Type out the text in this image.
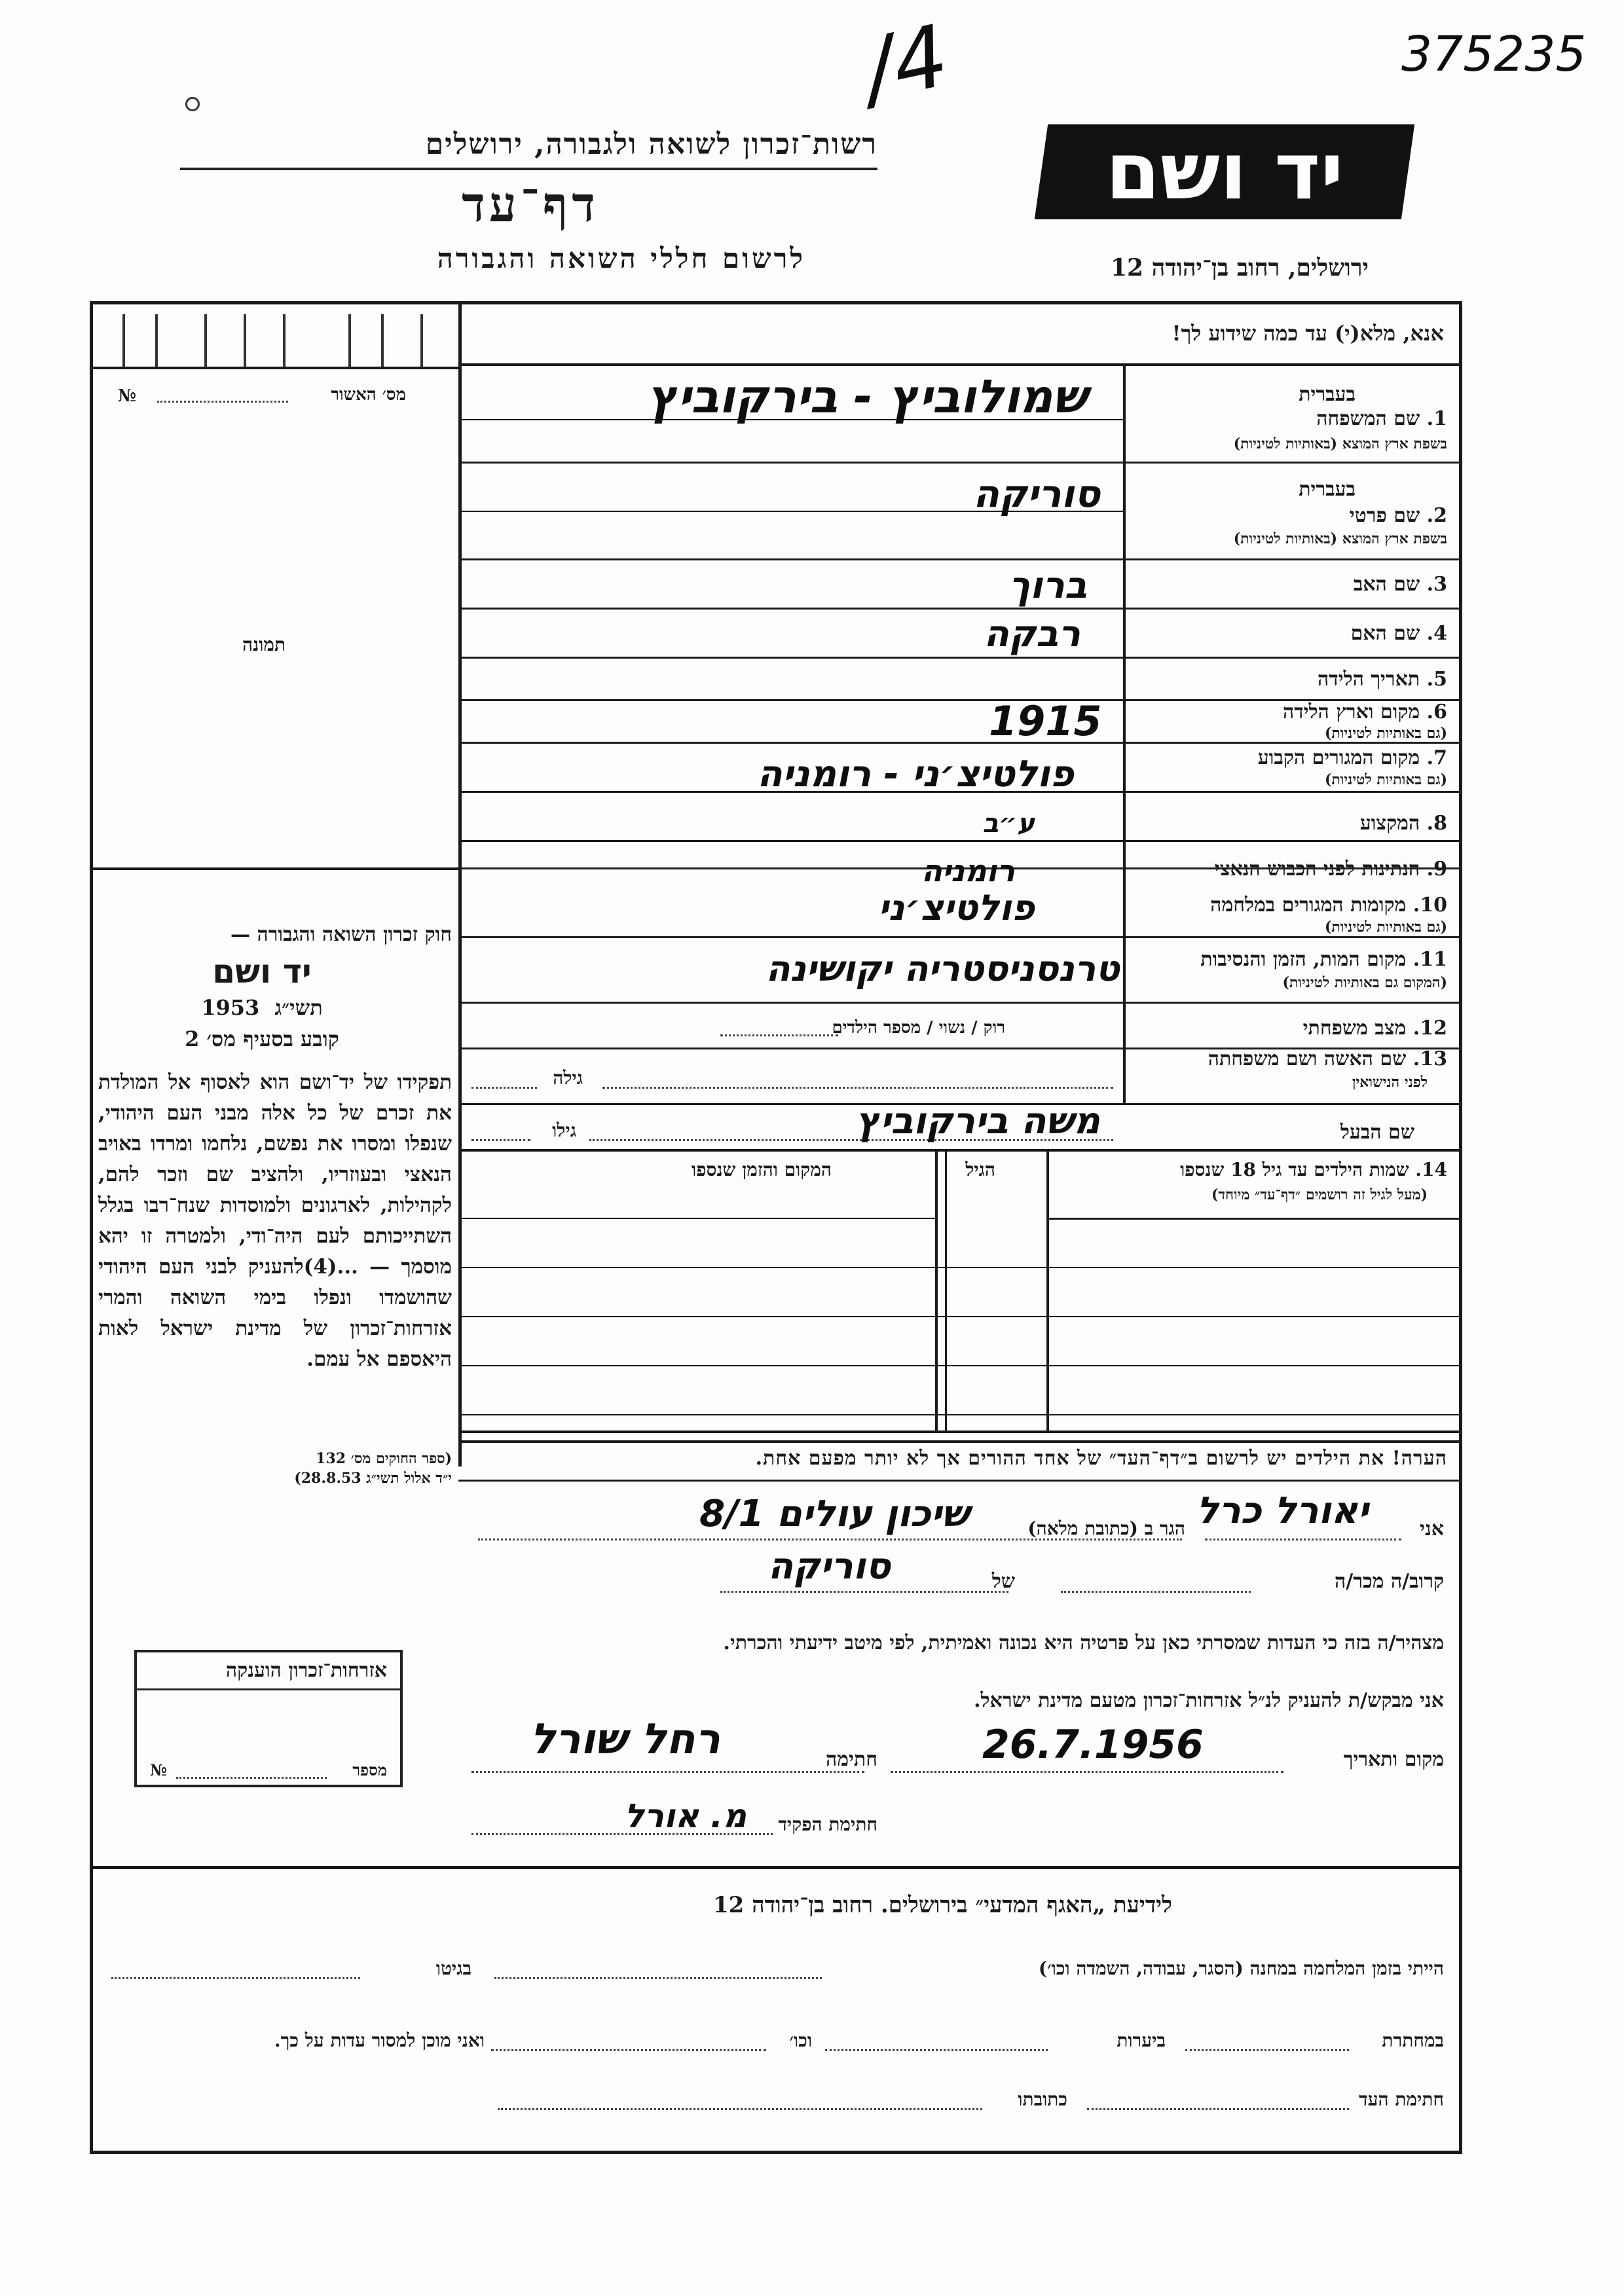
/4	375235
רשות־זכרון לשואה ולגבורה, ירושלים
דף־עד
לרשום חללי השואה והגבורה
יד ושם
ירושלים, רחוב בן־יהודה 12
מס׳ האשור
№
תמונה
חוק זכרון השואה והגבורה —
יד ושם
1953 תשי״ג
קובע בסעיף מס׳ 2
תפקידו של יד־ושם הוא לאסוף אל המולדת את זכרם של כל אלה מבני העם היהודי, שנפלו ומסרו את נפשם, נלחמו ומרדו באויב הנאצי ובעוזריו, ולהציב שם וזכר להם, לקהילות, לארגונים ולמוסדות שנח־רבו בגלל השתייכותם לעם היה־ודי, ולמטרה זו יהא מוסמך — ...(4)להעניק לבני העם היהודי שהושמדו ונפלו בימי השואה והמרי אזרחות־זכרון של מדינת ישראל לאות היאספם אל עמם.
(ספר החוקים מס׳ 132
י״ד אלול תשי״ג 28.8.53)
אזרחות־זכרון הוענקה
מספר
№
אנא, מלא(י) עד כמה שידוע לך!
בעברית
1. שם המשפחה
בשפת ארץ המוצא (באותיות לטיניות)
שמולוביץ - בירקוביץ
בעברית
2. שם פרטי
בשפת ארץ המוצא (באותיות לטיניות)
סוריקה
3. שם האב
ברוך
4. שם האם
רבקה
5. תאריך הלידה
6. מקום וארץ הלידה
(גם באותיות לטיניות)
1915
7. מקום המגורים הקבוע
(גם באותיות לטיניות)
פולטיצ׳ני - רומניה
8. המקצוע
ע״ב
9. הנתינות לפני הכבוש הנאצי
רומניה
10. מקומות המגורים במלחמה
(גם באותיות לטיניות)
פולטיצ׳ני
11. מקום המות, הזמן והנסיבות
(המקום גם באותיות לטיניות)
טרנסניסטריה יקושינה
12. מצב משפחתי
רוק / נשוי / מספר הילדים
13. שם האשה ושם משפחתה
לפני הנישואין
גילה
שם הבעל
גילו	משה בירקוביץ
14. שמות הילדים עד גיל 18 שנספו
(מעל לגיל זה רושמים ״דף־עד״ מיוחד)
הגיל
המקום והזמן שנספו
הערה! את הילדים יש לרשום ב״דף־העד״ של אחד ההורים אך לא יותר מפעם אחת.
אני
יאורל כרל
הגר ב (כתובת מלאה)
שיכון עולים 8/1
קרוב/ה מכר/ה
של
סוריקה
מצהיר/ה בזה כי העדות שמסרתי כאן על פרטיה היא נכונה ואמיתית, לפי מיטב ידיעתי והכרתי.
אני מבקש/ת להעניק לנ״ל אזרחות־זכרון מטעם מדינת ישראל.
מקום ותאריך
26.7.1956
חתימה
רחל שורל
חתימת הפקיד
מ. אורל
לידיעת „האגף המדעי״ בירושלים. רחוב בן־יהודה 12
הייתי בזמן המלחמה במחנה (הסגר, עבודה, השמדה וכו׳)
בגיטו
במחתרת
ביערות
וכו׳
ואני מוכן למסור עדות על כך.
חתימת העד
כתובתו
